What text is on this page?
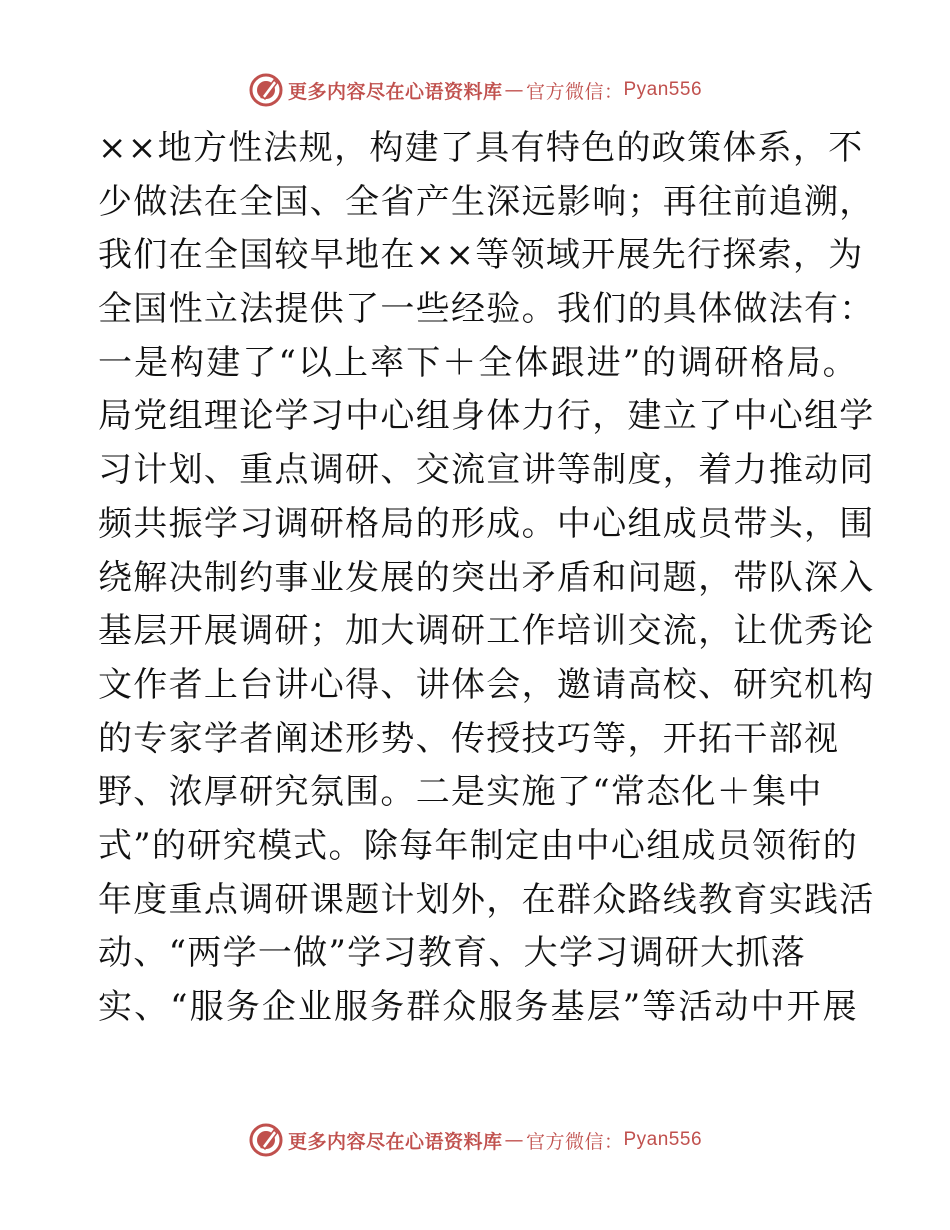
更多内容尽在心语资料库 — 官方微信： Pyan556
××地方性法规，构建了具有特色的政策体系，不
少做法在全国、全省产生深远影响；再往前追溯，
我们在全国较早地在××等领域开展先行探索，为
全国性立法提供了一些经验。我们的具体做法有：
一是构建了“以上率下＋全体跟进”的调研格局。
局党组理论学习中心组身体力行，建立了中心组学
习计划、重点调研、交流宣讲等制度，着力推动同
频共振学习调研格局的形成。中心组成员带头，围
绕解决制约事业发展的突出矛盾和问题，带队深入
基层开展调研；加大调研工作培训交流，让优秀论
文作者上台讲心得、讲体会，邀请高校、研究机构
的专家学者阐述形势、传授技巧等，开拓干部视
野、浓厚研究氛围。二是实施了“常态化＋集中
式”的研究模式。除每年制定由中心组成员领衔的
年度重点调研课题计划外，在群众路线教育实践活
动、“两学一做”学习教育、大学习调研大抓落
实、“服务企业服务群众服务基层”等活动中开展
更多内容尽在心语资料库 — 官方微信： Pyan556
